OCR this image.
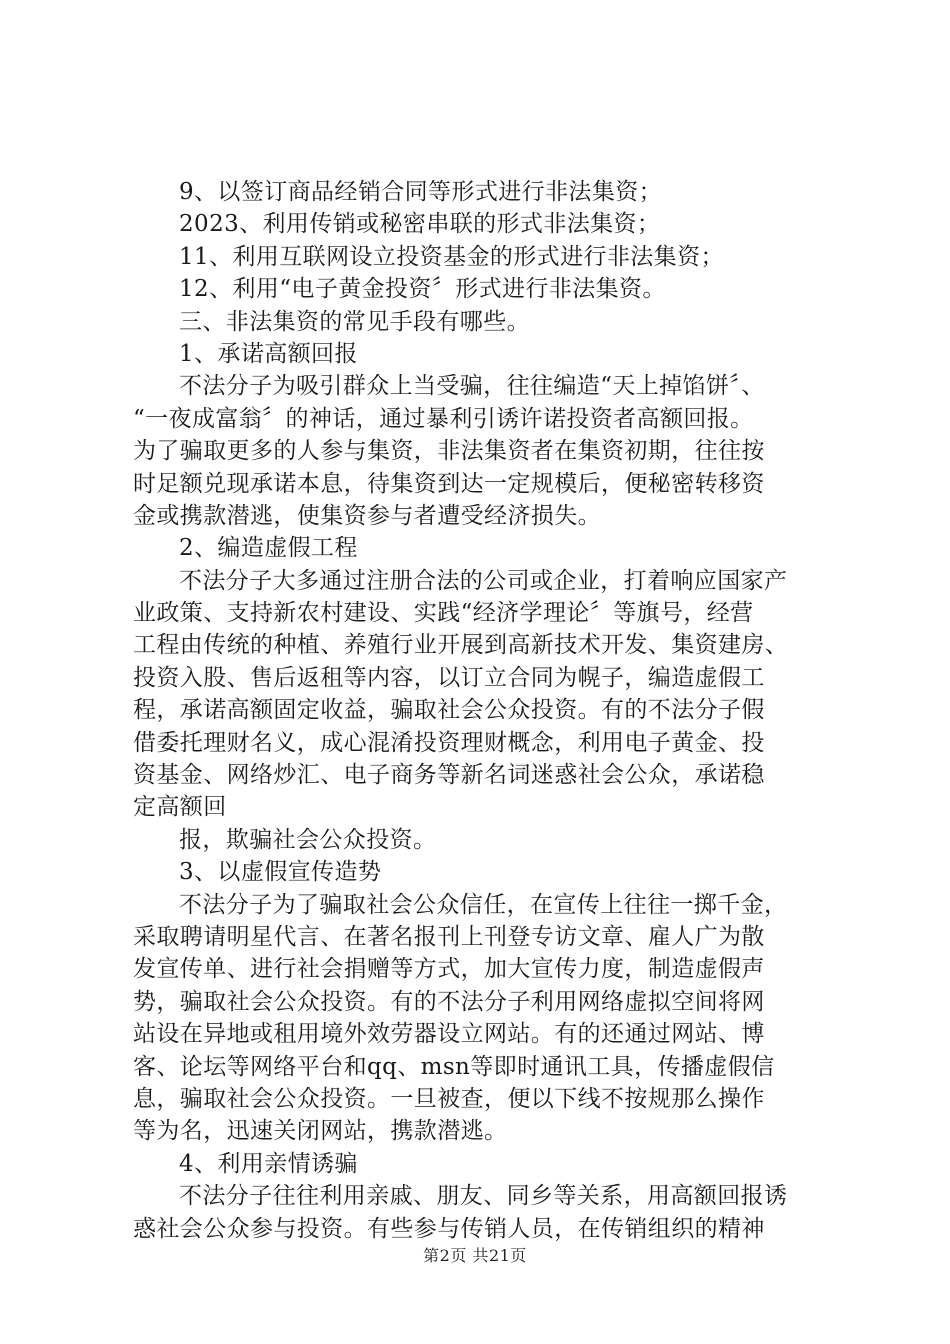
9、以签订商品经销合同等形式进行非法集资；
2023、利用传销或秘密串联的形式非法集资；
11、利用互联网设立投资基金的形式进行非法集资；
12、利用“电子黄金投资〞形式进行非法集资。
三、非法集资的常见手段有哪些。
1、承诺高额回报
不法分子为吸引群众上当受骗，往往编造“天上掉馅饼〞、
“一夜成富翁〞的神话，通过暴利引诱许诺投资者高额回报。
为了骗取更多的人参与集资，非法集资者在集资初期，往往按
时足额兑现承诺本息，待集资到达一定规模后，便秘密转移资
金或携款潜逃，使集资参与者遭受经济损失。
2、编造虚假工程
不法分子大多通过注册合法的公司或企业，打着响应国家产
业政策、支持新农村建设、实践“经济学理论〞等旗号，经营
工程由传统的种植、养殖行业开展到高新技术开发、集资建房、
投资入股、售后返租等内容，以订立合同为幌子，编造虚假工
程，承诺高额固定收益，骗取社会公众投资。有的不法分子假
借委托理财名义，成心混淆投资理财概念，利用电子黄金、投
资基金、网络炒汇、电子商务等新名词迷惑社会公众，承诺稳
定高额回
报，欺骗社会公众投资。
3、以虚假宣传造势
不法分子为了骗取社会公众信任，在宣传上往往一掷千金，
采取聘请明星代言、在著名报刊上刊登专访文章、雇人广为散
发宣传单、进行社会捐赠等方式，加大宣传力度，制造虚假声
势，骗取社会公众投资。有的不法分子利用网络虚拟空间将网
站设在异地或租用境外效劳器设立网站。有的还通过网站、博
客、论坛等网络平台和qq、msn等即时通讯工具，传播虚假信
息，骗取社会公众投资。一旦被查，便以下线不按规那么操作
等为名，迅速关闭网站，携款潜逃。
4、利用亲情诱骗
不法分子往往利用亲戚、朋友、同乡等关系，用高额回报诱
惑社会公众参与投资。有些参与传销人员，在传销组织的精神
第2页 共21页
